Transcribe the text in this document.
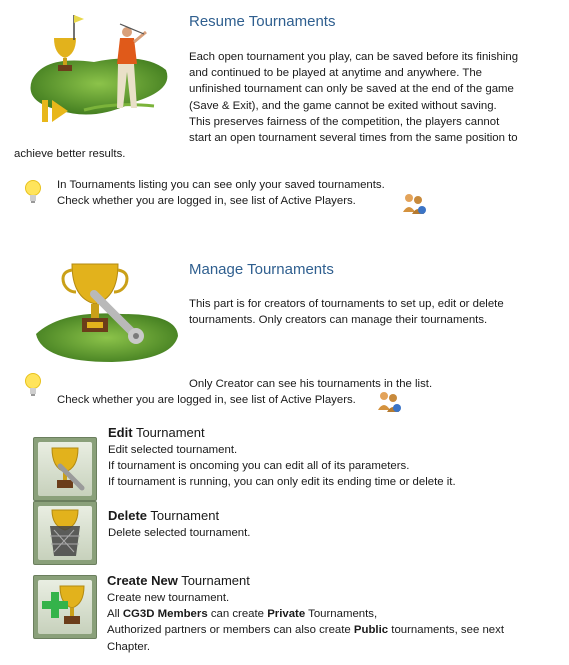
Resume Tournaments
Each open tournament you play, can be saved before its finishing
and continued to be played at anytime and anywhere. The
unfinished tournament can only be saved at the end of the game
(Save & Exit), and the game cannot be exited without saving.
This preserves fairness of the competition, the players cannot
start an open tournament several times from the same position to
achieve better results.
In Tournaments listing you can see only your saved tournaments.
Check whether you are logged in, see list of Active Players.
Manage Tournaments
This part is for creators of tournaments to set up, edit or delete
tournaments. Only creators can manage their tournaments.
Only Creator can see his tournaments in the list.
Check whether you are logged in, see list of Active Players.
Edit Tournament
Edit selected tournament.
If tournament is oncoming you can edit all of its parameters.
If tournament is running, you can only edit its ending time or delete it.
Delete Tournament
Delete selected tournament.
Create New Tournament
Create new tournament.
All CG3D Members can create Private Tournaments,
Authorized partners or members can also create Public tournaments, see next
Chapter.
